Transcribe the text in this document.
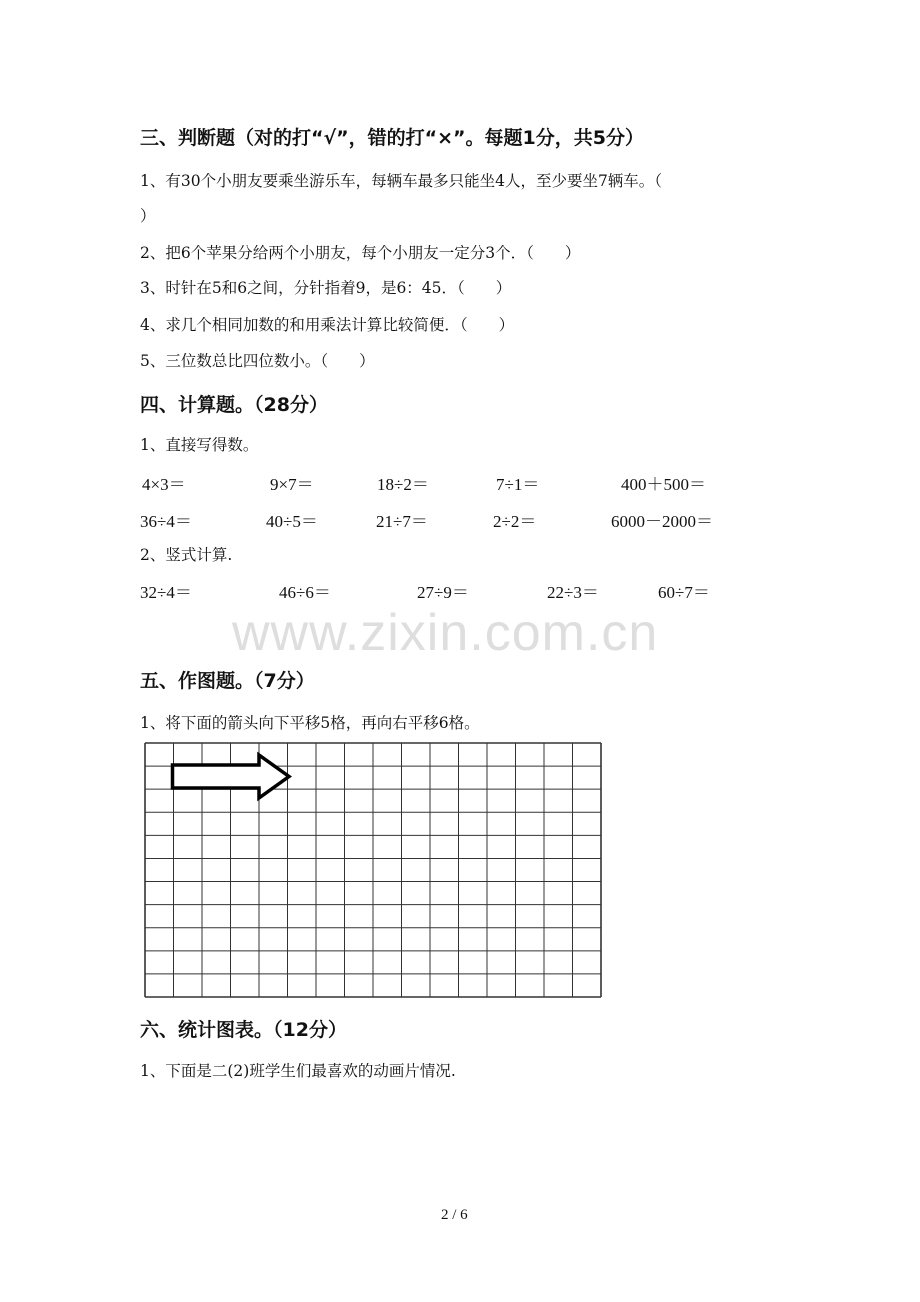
三、判断题（对的打“√”，错的打“×”。每题1分，共5分）
1、有30个小朋友要乘坐游乐车，每辆车最多只能坐4人，至少要坐7辆车。（
）
2、把6个苹果分给两个小朋友，每个小朋友一定分3个．（　　）
3、时针在5和6之间，分针指着9，是6：45．（　　）
4、求几个相同加数的和用乘法计算比较简便．（　　）
5、三位数总比四位数小。（　　）
四、计算题。（28分）
1、直接写得数。
4×3＝	9×7＝	18÷2＝	7÷1＝	400＋500＝
36÷4＝	40÷5＝	21÷7＝	2÷2＝	6000－2000＝
2、竖式计算.
32÷4＝	46÷6＝	27÷9＝	22÷3＝	60÷7＝
www.zixin.com.cn
五、作图题。（7分）
1、将下面的箭头向下平移5格，再向右平移6格。
六、统计图表。（12分）
1、下面是二(2)班学生们最喜欢的动画片情况.
2 / 6
